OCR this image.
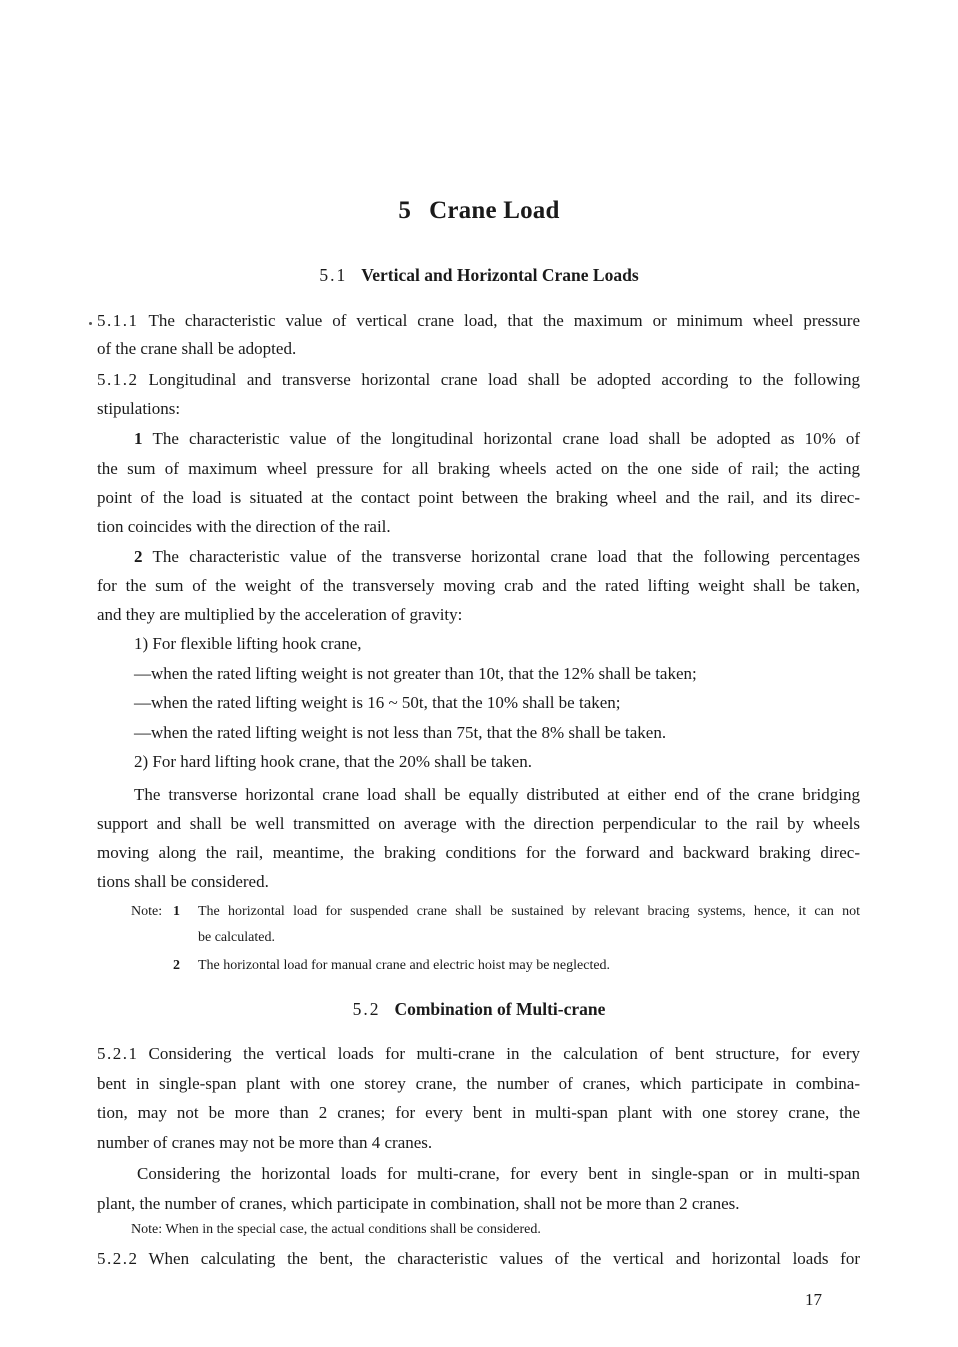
5 Crane Load
5.1 Vertical and Horizontal Crane Loads
5.1.1 The characteristic value of vertical crane load, that the maximum or minimum wheel pressure
of the crane shall be adopted.
5.1.2 Longitudinal and transverse horizontal crane load shall be adopted according to the following
stipulations:
1 The characteristic value of the longitudinal horizontal crane load shall be adopted as 10% of
the sum of maximum wheel pressure for all braking wheels acted on the one side of rail; the acting
point of the load is situated at the contact point between the braking wheel and the rail, and its direc-
tion coincides with the direction of the rail.
2 The characteristic value of the transverse horizontal crane load that the following percentages
for the sum of the weight of the transversely moving crab and the rated lifting weight shall be taken,
and they are multiplied by the acceleration of gravity:
1) For flexible lifting hook crane,
—when the rated lifting weight is not greater than 10t, that the 12% shall be taken;
—when the rated lifting weight is 16 ~ 50t, that the 10% shall be taken;
—when the rated lifting weight is not less than 75t, that the 8% shall be taken.
2) For hard lifting hook crane, that the 20% shall be taken.
The transverse horizontal crane load shall be equally distributed at either end of the crane bridging
support and shall be well transmitted on average with the direction perpendicular to the rail by wheels
moving along the rail, meantime, the braking conditions for the forward and backward braking direc-
tions shall be considered.
Note: 1	The horizontal load for suspended crane shall be sustained by relevant bracing systems, hence, it can not
be calculated.
2	The horizontal load for manual crane and electric hoist may be neglected.
5.2 Combination of Multi-crane
5.2.1 Considering the vertical loads for multi-crane in the calculation of bent structure, for every
bent in single-span plant with one storey crane, the number of cranes, which participate in combina-
tion, may not be more than 2 cranes; for every bent in multi-span plant with one storey crane, the
number of cranes may not be more than 4 cranes.
Considering the horizontal loads for multi-crane, for every bent in single-span or in multi-span
plant, the number of cranes, which participate in combination, shall not be more than 2 cranes.
Note: When in the special case, the actual conditions shall be considered.
5.2.2 When calculating the bent, the characteristic values of the vertical and horizontal loads for
17
